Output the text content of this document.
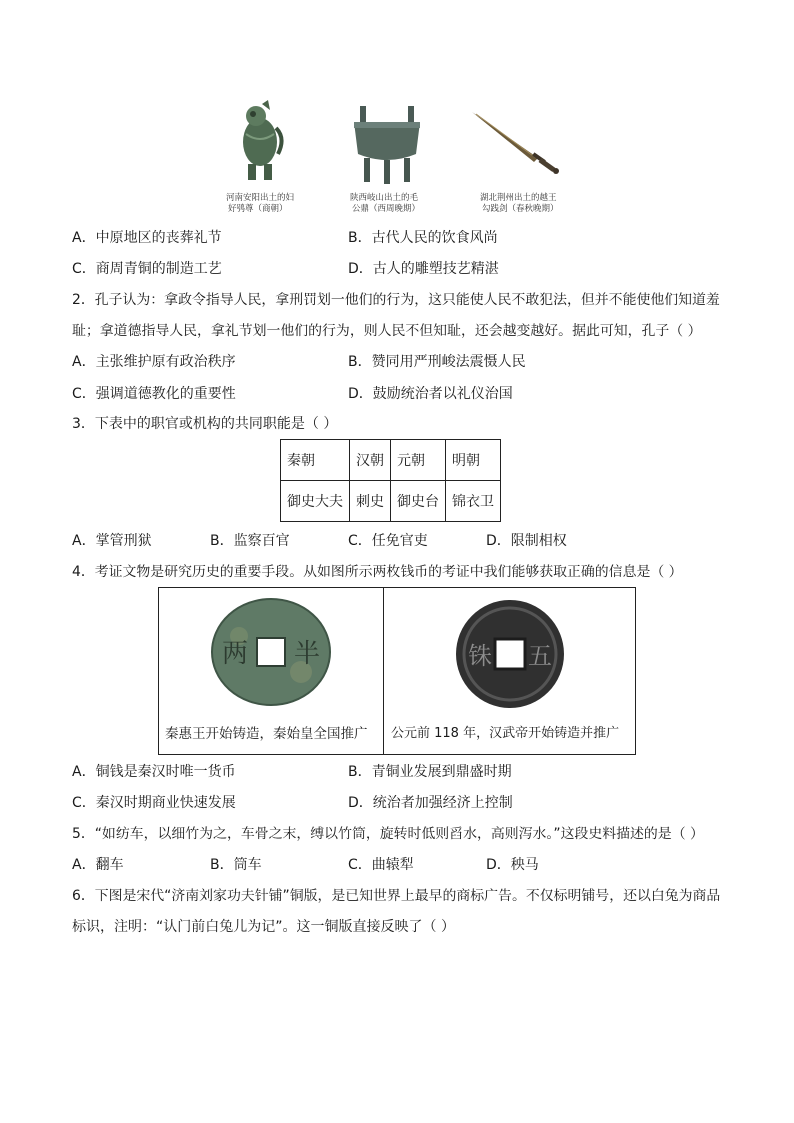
河南安阳出土的妇
好鸮尊（商朝）
陕西岐山出土的毛
公鼎（西周晚期）
湖北荆州出土的越王
勾践剑（春秋晚期）
A．中原地区的丧葬礼节	B．古代人民的饮食风尚
C．商周青铜的制造工艺	D．古人的雕塑技艺精湛
2．孔子认为：拿政令指导人民，拿刑罚划一他们的行为，这只能使人民不敢犯法，但并不能使他们知道羞
耻；拿道德指导人民，拿礼节划一他们的行为，则人民不但知耻，还会越变越好。据此可知，孔子（ ）
A．主张维护原有政治秩序	B．赞同用严刑峻法震慑人民
C．强调道德教化的重要性	D．鼓励统治者以礼仪治国
3．下表中的职官或机构的共同职能是（ ）
秦朝	汉朝	元朝	明朝
御史大夫	刺史	御史台	锦衣卫
A．掌管刑狱	B．监察百官	C．任免官吏	D．限制相权
4．考证文物是研究历史的重要手段。从如图所示两枚钱币的考证中我们能够获取正确的信息是（ ）
半
两	五
铢
秦惠王开始铸造，秦始皇全国推广 公元前 118 年，汉武帝开始铸造并推广
A．铜钱是秦汉时唯一货币	B．青铜业发展到鼎盛时期
C．秦汉时期商业快速发展	D．统治者加强经济上控制
5．“如纺车，以细竹为之，车骨之末，缚以竹筒，旋转时低则舀水，高则泻水。”这段史料描述的是（ ）
A．翻车	B．筒车	C．曲辕犁	D．秧马
6．下图是宋代“济南刘家功夫针铺”铜版，是已知世界上最早的商标广告。不仅标明铺号，还以白兔为商品
标识，注明：“认门前白兔儿为记”。这一铜版直接反映了（ ）
